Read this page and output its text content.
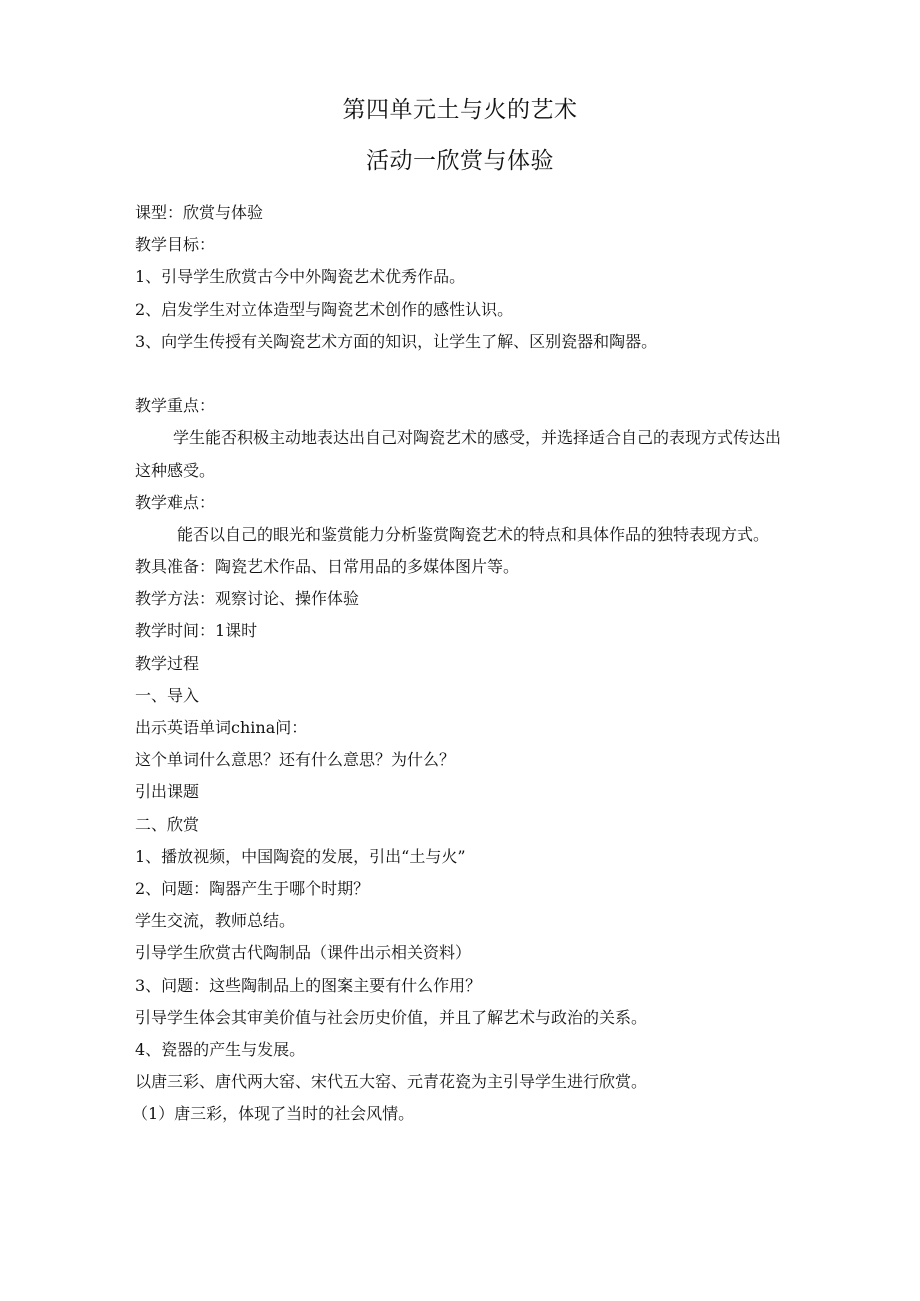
第四单元土与火的艺术
活动一欣赏与体验
课型：欣赏与体验
教学目标：
1、引导学生欣赏古今中外陶瓷艺术优秀作品。
2、启发学生对立体造型与陶瓷艺术创作的感性认识。
3、向学生传授有关陶瓷艺术方面的知识，让学生了解、区别瓷器和陶器。
教学重点：
学生能否积极主动地表达出自己对陶瓷艺术的感受，并选择适合自己的表现方式传达出这种感受。
教学难点：
能否以自己的眼光和鉴赏能力分析鉴赏陶瓷艺术的特点和具体作品的独特表现方式。
教具准备：陶瓷艺术作品、日常用品的多媒体图片等。
教学方法：观察讨论、操作体验
教学时间：1课时
教学过程
一、导入
出示英语单词china问：
这个单词什么意思？还有什么意思？为什么？
引出课题
二、欣赏
1、播放视频，中国陶瓷的发展，引出“土与火”
2、问题：陶器产生于哪个时期？
学生交流，教师总结。
引导学生欣赏古代陶制品（课件出示相关资料）
3、问题：这些陶制品上的图案主要有什么作用？
引导学生体会其审美价值与社会历史价值，并且了解艺术与政治的关系。
4、瓷器的产生与发展。
以唐三彩、唐代两大窑、宋代五大窑、元青花瓷为主引导学生进行欣赏。
（1）唐三彩，体现了当时的社会风情。
